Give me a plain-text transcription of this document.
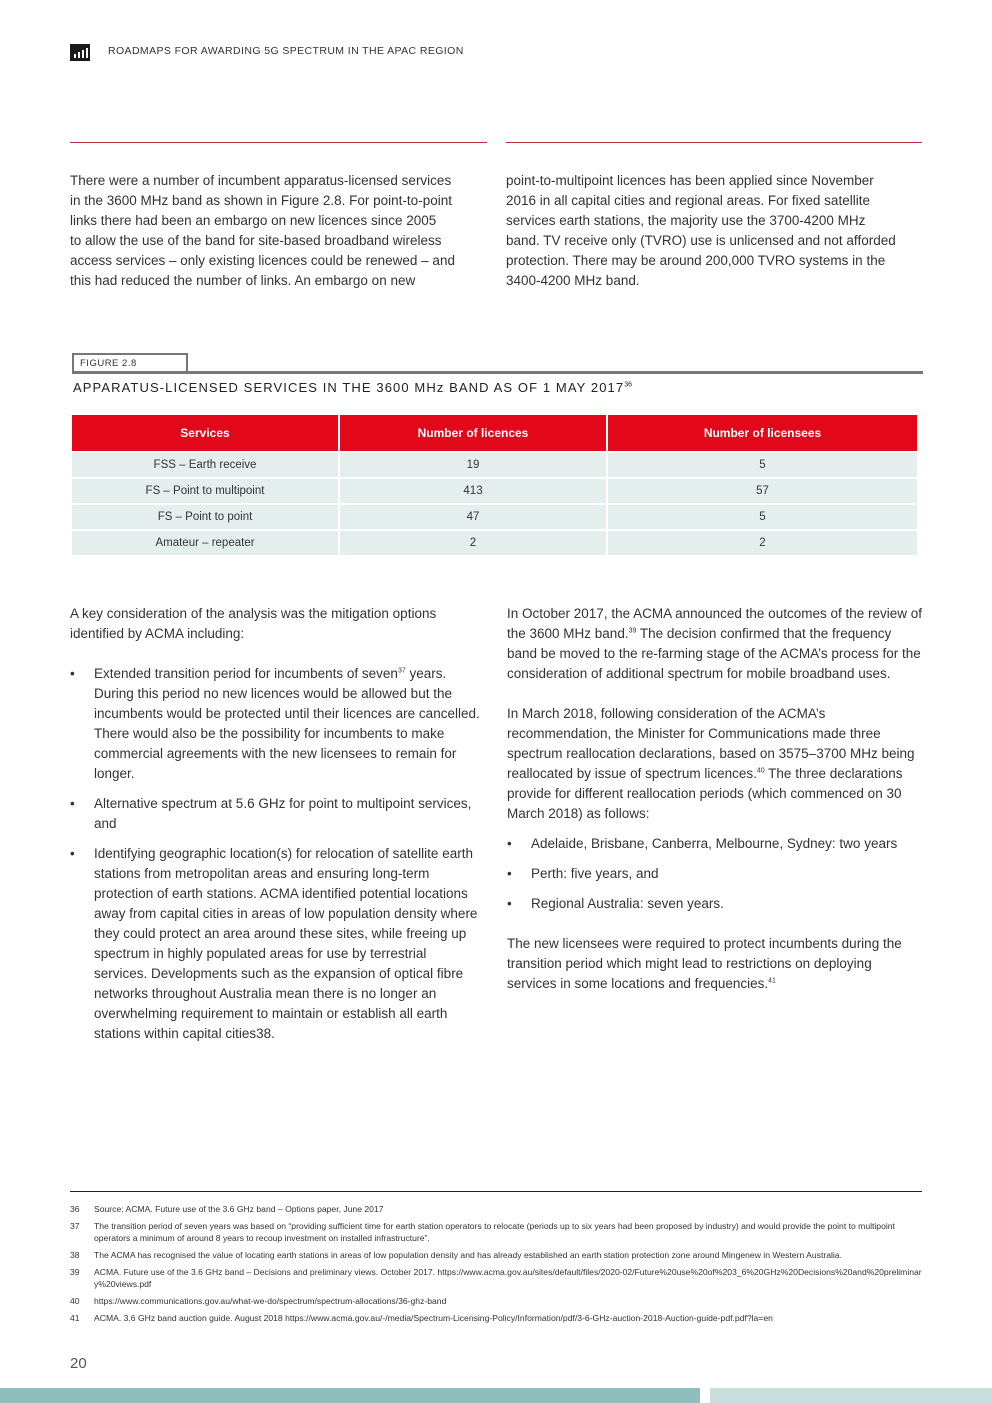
ROADMAPS FOR AWARDING 5G SPECTRUM IN THE APAC REGION
There were a number of incumbent apparatus-licensed services
in the 3600 MHz band as shown in Figure 2.8. For point-to-point
links there had been an embargo on new licences since 2005
to allow the use of the band for site-based broadband wireless
access services – only existing licences could be renewed – and
this had reduced the number of links. An embargo on new
point-to-multipoint licences has been applied since November
2016 in all capital cities and regional areas. For fixed satellite
services earth stations, the majority use the 3700-4200 MHz
band. TV receive only (TVRO) use is unlicensed and not afforded
protection. There may be around 200,000 TVRO systems in the
3400-4200 MHz band.
FIGURE 2.8
APPARATUS-LICENSED SERVICES IN THE 3600 MHz BAND AS OF 1 MAY 2017$^{36}$
Services	Number of licences	Number of licensees
FSS – Earth receive	19	5
FS – Point to multipoint	413	57
FS – Point to point	47	5
Amateur – repeater	2	2

A key consideration of the analysis was the mitigation options identified by ACMA including:

• Extended transition period for incumbents of seven$^{37}$ years. During this period no new licences would be allowed but the incumbents would be protected until their licences are cancelled. There would also be the possibility for incumbents to make commercial agreements with the new licensees to remain for longer.
• Alternative spectrum at 5.6 GHz for point to multipoint services, and
• Identifying geographic location(s) for relocation of satellite earth stations from metropolitan areas and ensuring long-term protection of earth stations. ACMA identified potential locations away from capital cities in areas of low population density where they could protect an area around these sites, while freeing up spectrum in highly populated areas for use by terrestrial services. Developments such as the expansion of optical fibre networks throughout Australia mean there is no longer an overwhelming requirement to maintain or establish all earth stations within capital cities38.

In October 2017, the ACMA announced the outcomes of the review of the 3600 MHz band.$^{39}$ The decision confirmed that the frequency band be moved to the re-farming stage of the ACMA’s process for the consideration of additional spectrum for mobile broadband uses.

In March 2018, following consideration of the ACMA’s recommendation, the Minister for Communications made three spectrum reallocation declarations, based on 3575–3700 MHz being reallocated by issue of spectrum licences.$^{40}$ The three declarations provide for different reallocation periods (which commenced on 30 March 2018) as follows:

• Adelaide, Brisbane, Canberra, Melbourne, Sydney: two years
• Perth: five years, and
• Regional Australia: seven years.

The new licensees were required to protect incumbents during the transition period which might lead to restrictions on deploying services in some locations and frequencies.$^{41}$

36	Source: ACMA. Future use of the 3.6 GHz band – Options paper, June 2017
37	The transition period of seven years was based on “providing sufficient time for earth station operators to relocate (periods up to six years had been proposed by industry) and would provide the point to multipoint operators a minimum of around 8 years to recoup investment on installed infrastructure”.
38	The ACMA has recognised the value of locating earth stations in areas of low population density and has already established an earth station protection zone around Mingenew in Western Australia.
39	ACMA. Future use of the 3.6 GHz band – Decisions and preliminary views. October 2017. https://www.acma.gov.au/sites/default/files/2020-02/Future%20use%20of%203_6%20GHz%20Decisions%20and%20preliminary%20views.pdf
40	https://www.communications.gov.au/what-we-do/spectrum/spectrum-allocations/36-ghz-band
41	ACMA. 3.6 GHz band auction guide. August 2018 https://www.acma.gov.au/-/media/Spectrum-Licensing-Policy/Information/pdf/3-6-GHz-auction-2018-Auction-guide-pdf.pdf?la=en
20
